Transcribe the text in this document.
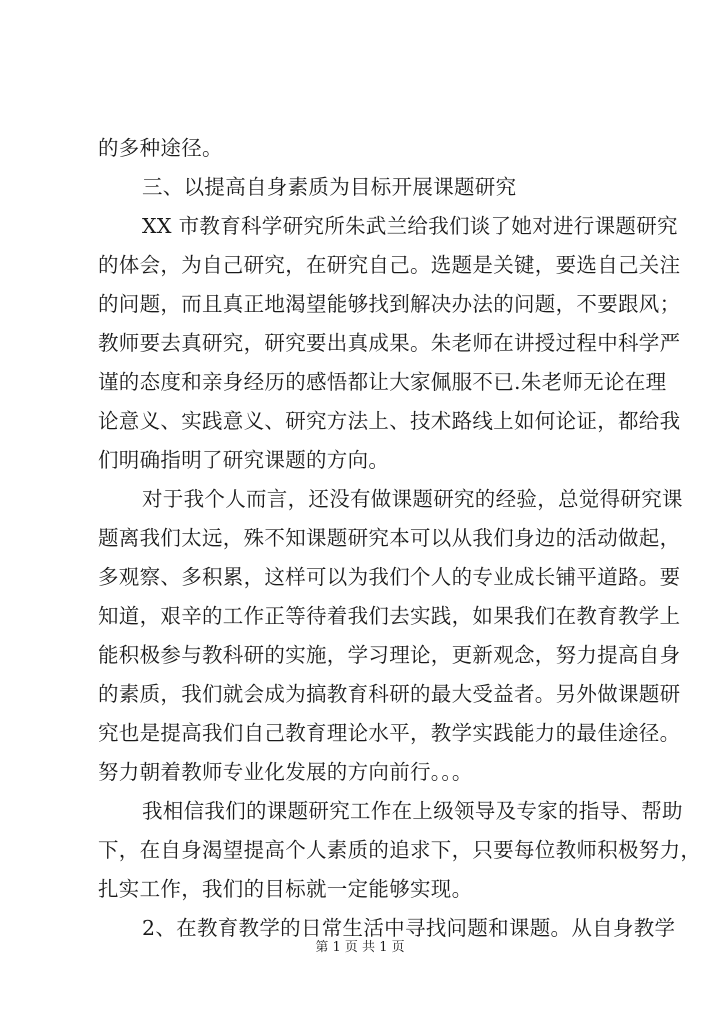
的多种途径。
三、以提高自身素质为目标开展课题研究
XX 市教育科学研究所朱武兰给我们谈了她对进行课题研究
的体会，为自己研究，在研究自己。选题是关键，要选自己关注
的问题，而且真正地渴望能够找到解决办法的问题，不要跟风；
教师要去真研究，研究要出真成果。朱老师在讲授过程中科学严
谨的态度和亲身经历的感悟都让大家佩服不已.朱老师无论在理
论意义、实践意义、研究方法上、技术路线上如何论证，都给我
们明确指明了研究课题的方向。
对于我个人而言，还没有做课题研究的经验，总觉得研究课
题离我们太远，殊不知课题研究本可以从我们身边的活动做起，
多观察、多积累，这样可以为我们个人的专业成长铺平道路。要
知道，艰辛的工作正等待着我们去实践，如果我们在教育教学上
能积极参与教科研的实施，学习理论，更新观念，努力提高自身
的素质，我们就会成为搞教育科研的最大受益者。另外做课题研
究也是提高我们自己教育理论水平，教学实践能力的最佳途径。
努力朝着教师专业化发展的方向前行。。。
我相信我们的课题研究工作在上级领导及专家的指导、帮助
下，在自身渴望提高个人素质的追求下，只要每位教师积极努力，
扎实工作，我们的目标就一定能够实现。
2、在教育教学的日常生活中寻找问题和课题。从自身教学
第 1 页 共 1 页
